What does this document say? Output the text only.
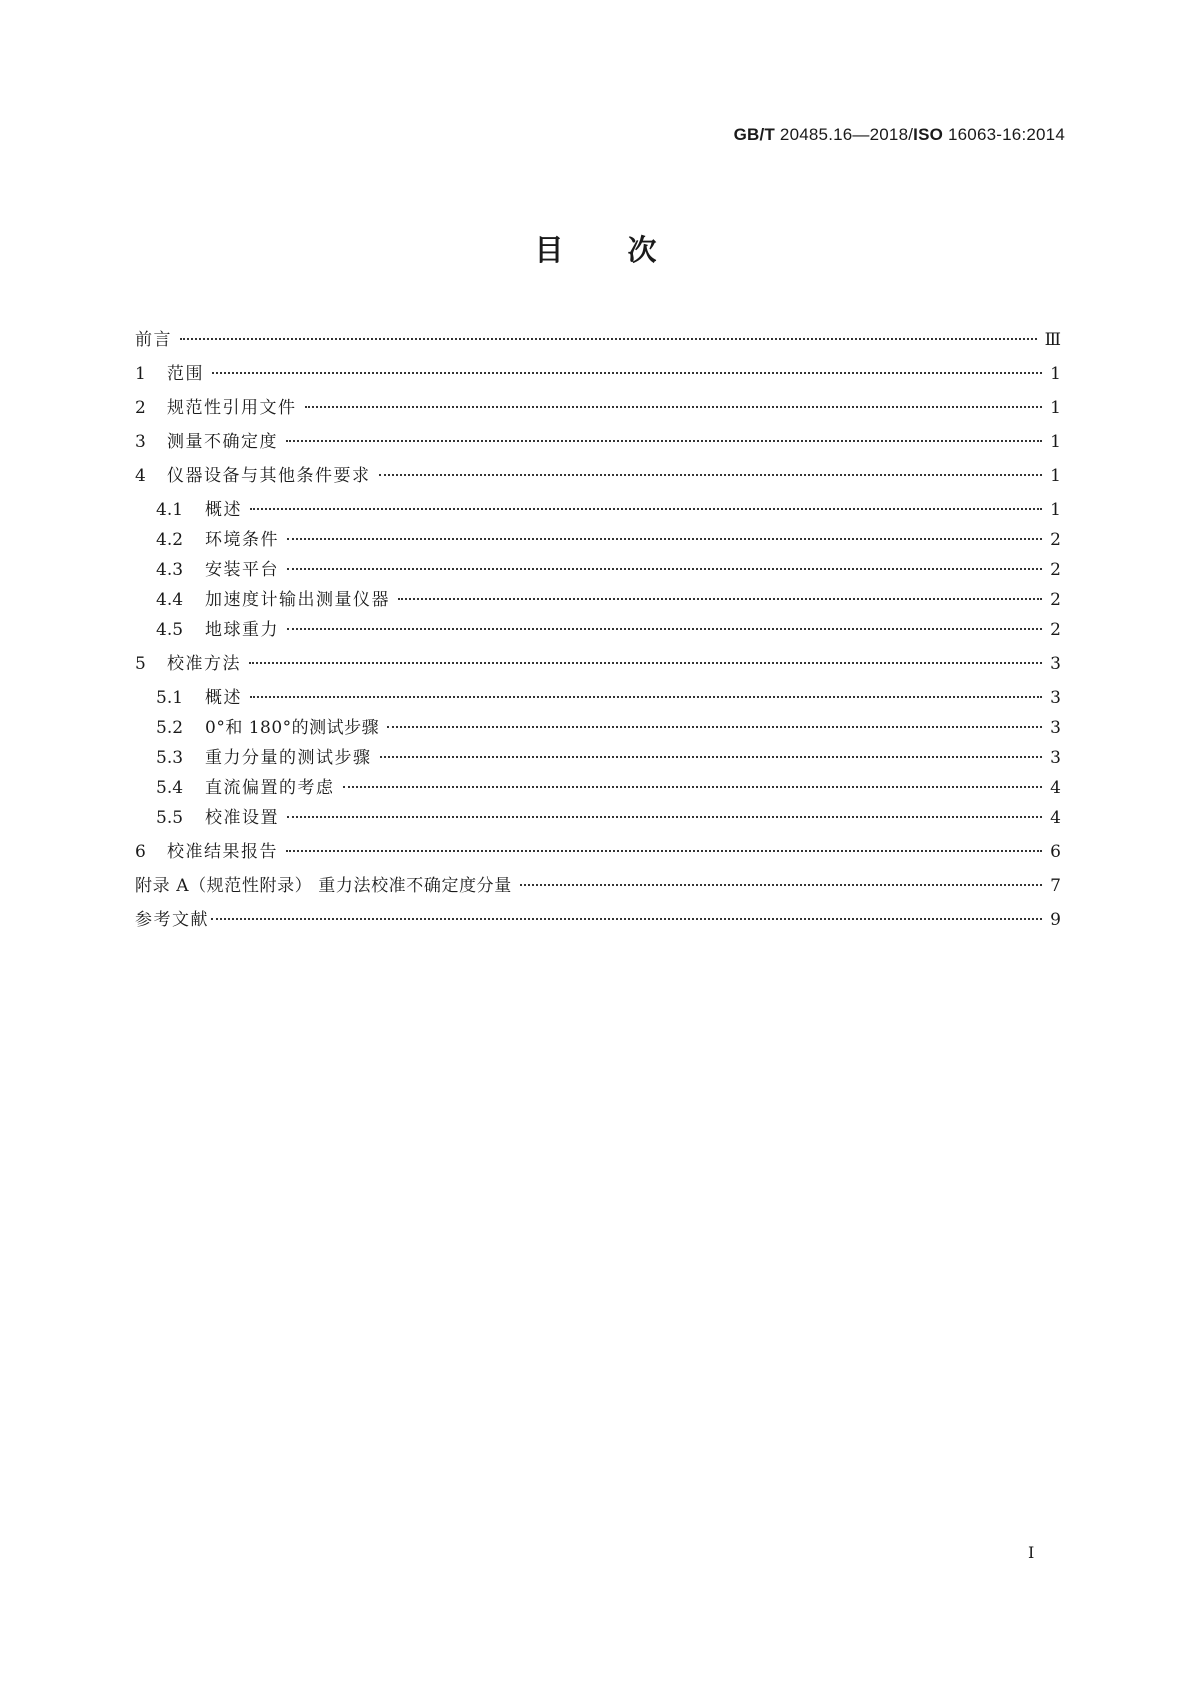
GB/T 20485.16—2018/ISO 16063-16:2014
目次
前言	Ⅲ
1	范围	1
2	规范性引用文件	1
3	测量不确定度	1
4	仪器设备与其他条件要求	1
4.1	概述	1
4.2	环境条件	2
4.3	安装平台	2
4.4	加速度计输出测量仪器	2
4.5	地球重力	2
5	校准方法	3
5.1	概述	3
5.2	0°和 180°的测试步骤	3
5.3	重力分量的测试步骤	3
5.4	直流偏置的考虑	4
5.5	校准设置	4
6	校准结果报告	6
附录 A（规范性附录） 重力法校准不确定度分量	7
参考文献	9
I
